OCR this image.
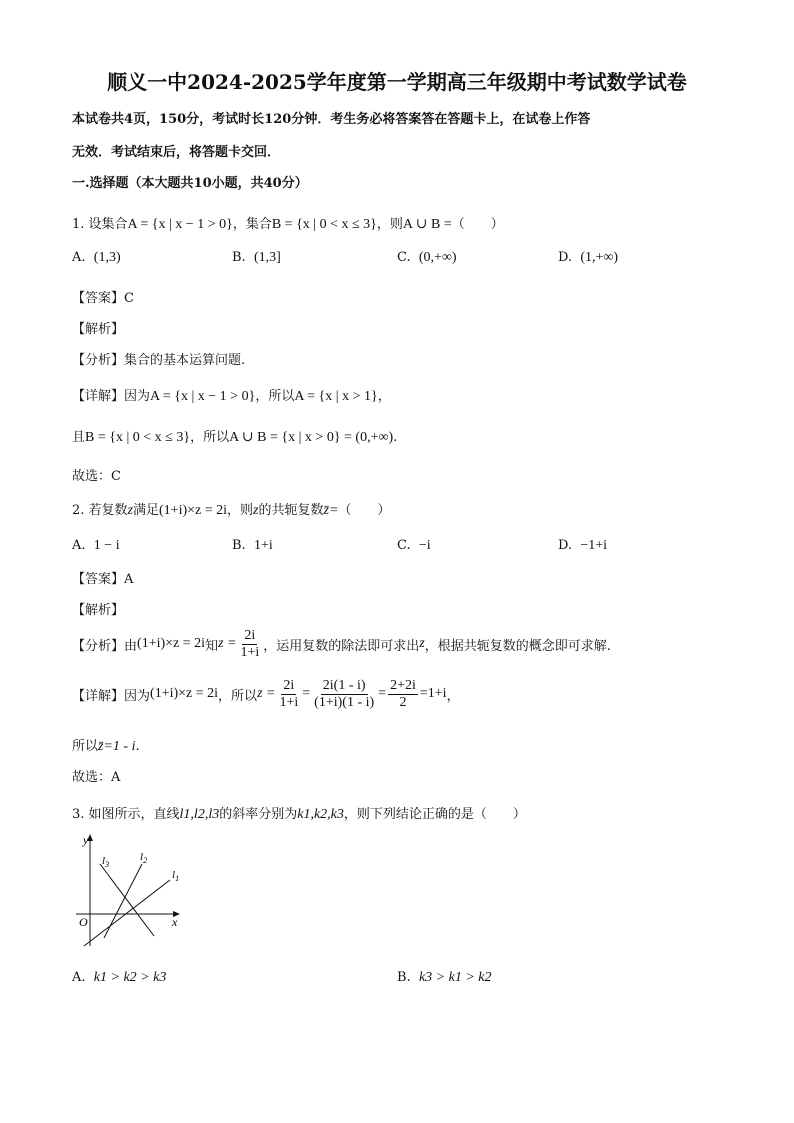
顺义一中2024-2025学年度第一学期高三年级期中考试数学试卷
本试卷共4页，150分，考试时长120分钟．考生务必将答案答在答题卡上，在试卷上作答
无效．考试结束后，将答题卡交回．
一.选择题（本大题共10小题，共40分）
1. 设集合A = {x | x − 1 > 0}，集合B = {x | 0 < x ≤ 3}，则A ∪ B =（　　）
A. (1,3)	B. (1,3]	C. (0,+∞)	D. (1,+∞)
【答案】C
【解析】
【分析】集合的基本运算问题.
【详解】因为A = {x | x − 1 > 0}，所以A = {x | x > 1}，
且B = {x | 0 < x ≤ 3}，所以A ∪ B = {x | x > 0} = (0,+∞).
故选：C
2. 若复数z满足(1+i)×z = 2i，则z的共轭复数z̄=（　　）
A. 1 − i	B. 1+i	C. −i	D. −1+i
【答案】A
【解析】
【分析】 由 (1+i)×z = 2i 知 $z = \frac{2i}{1+i}$ ，运用复数的除法即可求出 z ，根据共轭复数的概念即可求解.
【详解】 因为 (1+i)×z = 2i ，所以 $z = \frac{2i}{1+i} = \frac{2i(1 - i)}{(1+i)(1 - i)} = \frac{2+2i}{2} =1+i$ ，
所以z̄=1 - i.
故选：A
3. 如图所示，直线l1,l2,l3的斜率分别为k1,k2,k3，则下列结论正确的是（　　）
y
x
O
$l_3$
$l_2$
$l_1$
A. k1 > k2 > k3	B. k3 > k1 > k2
